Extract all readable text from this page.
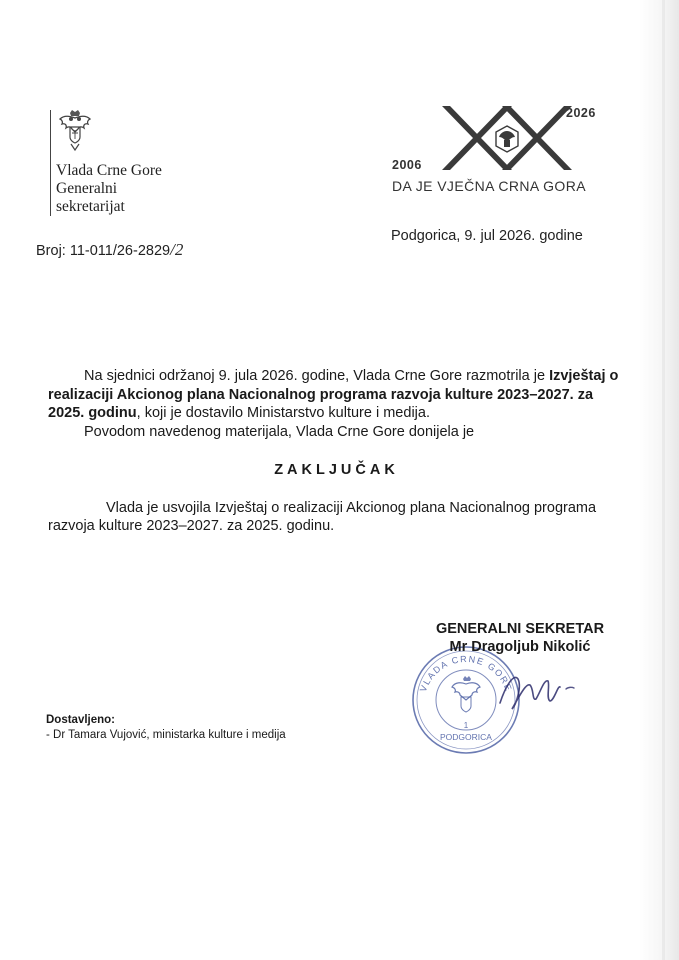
Vlada Crne Gore
Generalni
sekretarijat
2026
2006
DA JE VJEČNA CRNA GORA
Broj: 11-011/26-2829/2
Podgorica, 9. jul 2026. godine

Na sjednici održanoj 9. jula 2026. godine, Vlada Crne Gore razmotrila je Izvještaj o realizaciji Akcionog plana Nacionalnog programa razvoja kulture 2023–2027. za 2025. godinu, koji je dostavilo Ministarstvo kulture i medija.

Povodom navedenog materijala, Vlada Crne Gore donijela je

ZAKLJUČAK

Vlada je usvojila Izvještaj o realizaciji Akcionog plana Nacionalnog programa razvoja kulture 2023–2027. za 2025. godinu.

1
PODGORICA
VLADA CRNE GORE
GENERALNI SEKRETAR
Mr Dragoljub Nikolić
Dostavljeno:
- Dr Tamara Vujović, ministarka kulture i medija
